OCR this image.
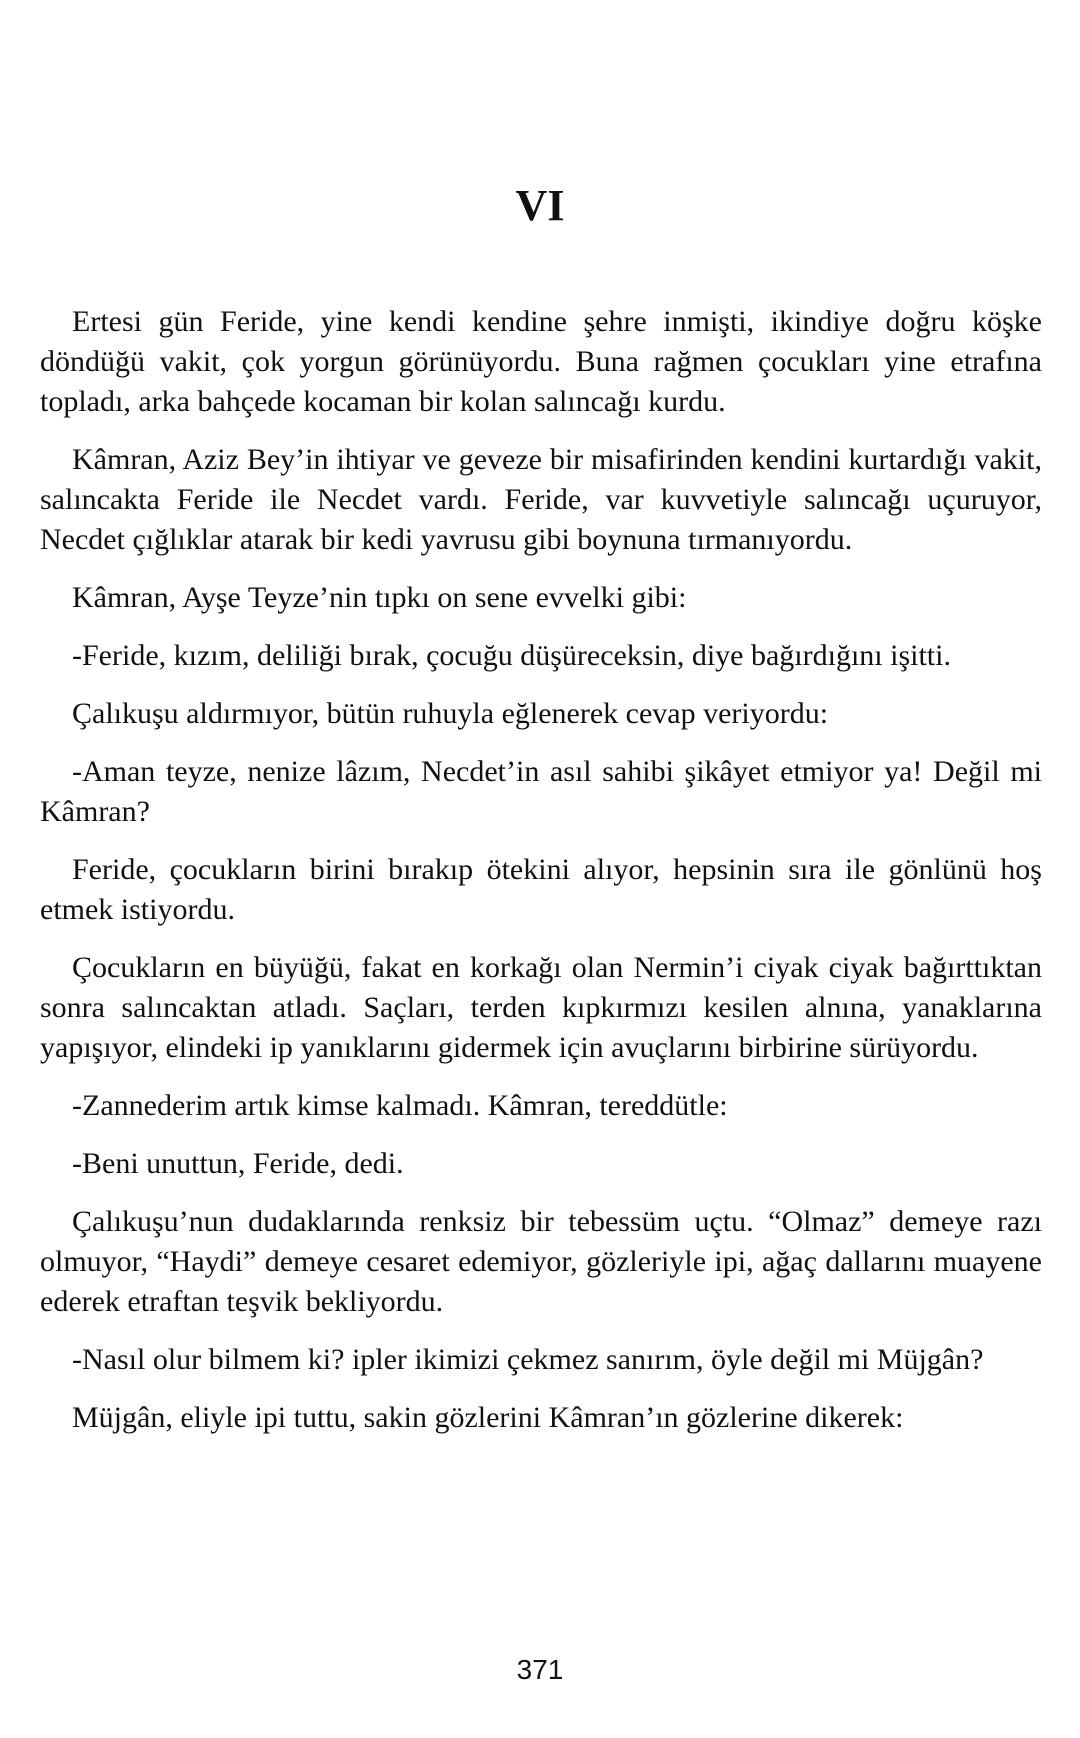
VI

Ertesi gün Feride, yine kendi kendine şehre inmişti, ikindiye doğru köşke döndüğü vakit, çok yorgun görünüyordu. Buna rağmen çocukları yine etrafına topladı, arka bahçede kocaman bir kolan salıncağı kurdu.

Kâmran, Aziz Bey’in ihtiyar ve geveze bir misafirinden kendini kurtardığı vakit, salıncakta Feride ile Necdet vardı. Feride, var kuvvetiyle salıncağı uçuruyor, Necdet çığlıklar atarak bir kedi yavrusu gibi boynuna tırmanıyordu.

Kâmran, Ayşe Teyze’nin tıpkı on sene evvelki gibi:

-Feride, kızım, deliliği bırak, çocuğu düşüreceksin, diye bağırdığını işitti.

Çalıkuşu aldırmıyor, bütün ruhuyla eğlenerek cevap veriyordu:

-Aman teyze, nenize lâzım, Necdet’in asıl sahibi şikâyet etmiyor ya! Değil mi Kâmran?

Feride, çocukların birini bırakıp ötekini alıyor, hepsinin sıra ile gönlünü hoş etmek istiyordu.

Çocukların en büyüğü, fakat en korkağı olan Nermin’i ciyak ciyak bağırttıktan sonra salıncaktan atladı. Saçları, terden kıpkırmızı kesilen alnına, yanaklarına yapışıyor, elindeki ip yanıklarını gidermek için avuçlarını birbirine sürüyordu.

-Zannederim artık kimse kalmadı. Kâmran, tereddütle:

-Beni unuttun, Feride, dedi.

Çalıkuşu’nun dudaklarında renksiz bir tebessüm uçtu. “Olmaz” demeye razı olmuyor, “Haydi” demeye cesaret edemiyor, gözleriyle ipi, ağaç dallarını muayene ederek etraftan teşvik bekliyordu.

-Nasıl olur bilmem ki? ipler ikimizi çekmez sanırım, öyle değil mi Müjgân?

Müjgân, eliyle ipi tuttu, sakin gözlerini Kâmran’ın gözlerine dikerek:

371
